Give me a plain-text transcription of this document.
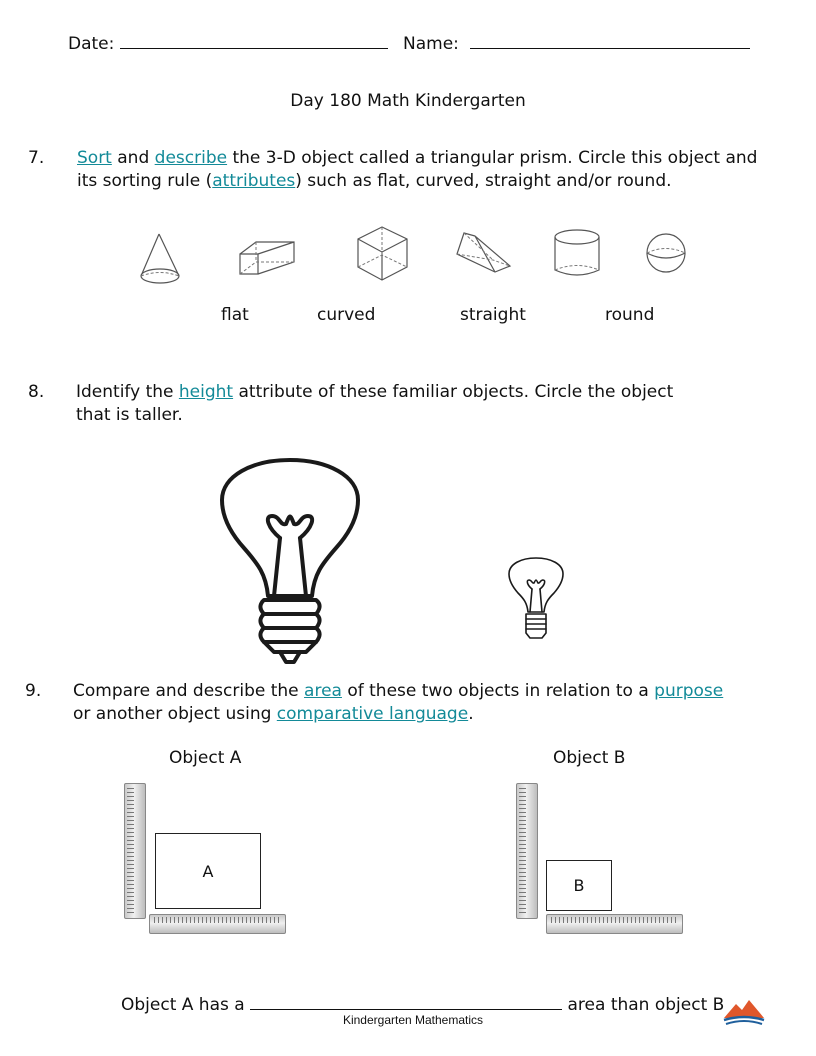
Date:	Name:
Day 180 Math Kindergarten
7. Sort and describe the 3-D object called a triangular prism. Circle this object and
its sorting rule (attributes) such as flat, curved, straight and/or round.
flat	curved	straight	round
8. Identify the height attribute of these familiar objects. Circle the object
that is taller.
9. Compare and describe the area of these two objects in relation to a purpose
or another object using comparative language.
Object A	Object B
A
B
Object A has a	area than object B
Kindergarten Mathematics
